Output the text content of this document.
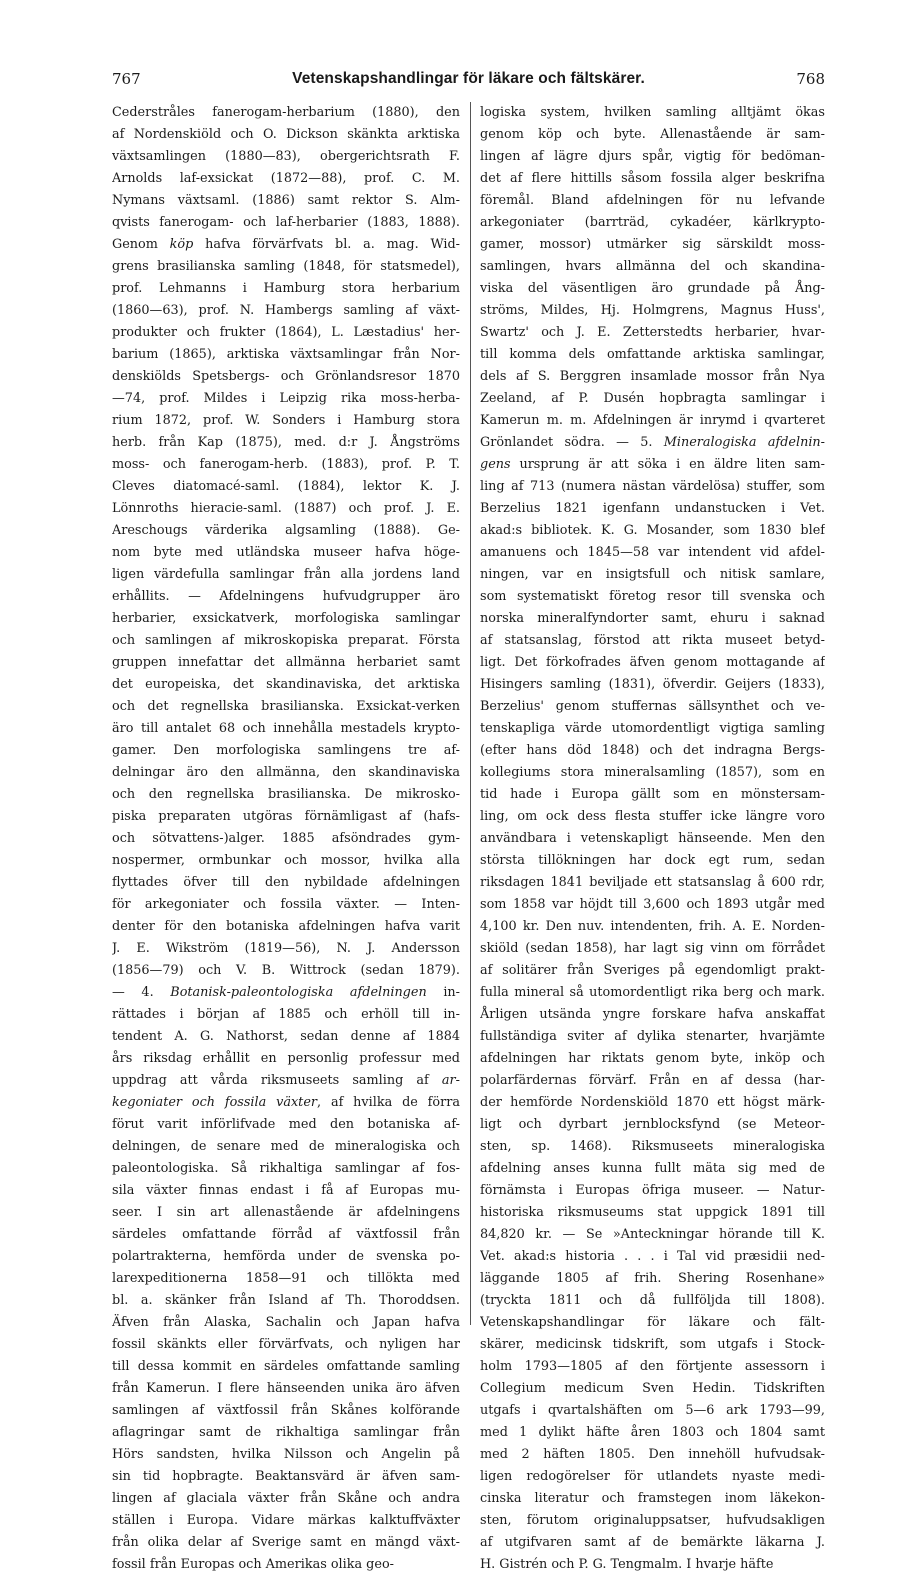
767	Vetenskapshandlingar för läkare och fältskärer.	768
Cederstråles fanerogam-herbarium (1880), den
af Nordenskiöld och O. Dickson skänkta arktiska
växtsamlingen (1880—83), obergerichtsrath F.
Arnolds laf-exsickat (1872—88), prof. C. M.
Nymans växtsaml. (1886) samt rektor S. Alm-
qvists fanerogam- och laf-herbarier (1883, 1888).
Genom köp hafva förvärfvats bl. a. mag. Wid-
grens brasilianska samling (1848, för statsmedel),
prof. Lehmanns i Hamburg stora herbarium
(1860—63), prof. N. Hambergs samling af växt-
produkter och frukter (1864), L. Læstadius' her-
barium (1865), arktiska växtsamlingar från Nor-
denskiölds Spetsbergs- och Grönlandsresor 1870
—74, prof. Mildes i Leipzig rika moss-herba-
rium 1872, prof. W. Sonders i Hamburg stora
herb. från Kap (1875), med. d:r J. Ångströms
moss- och fanerogam-herb. (1883), prof. P. T.
Cleves diatomacé-saml. (1884), lektor K. J.
Lönnroths hieracie-saml. (1887) och prof. J. E.
Areschougs värderika algsamling (1888). Ge-
nom byte med utländska museer hafva höge-
ligen värdefulla samlingar från alla jordens land
erhållits. — Afdelningens hufvudgrupper äro
herbarier, exsickatverk, morfologiska samlingar
och samlingen af mikroskopiska preparat. Första
gruppen innefattar det allmänna herbariet samt
det europeiska, det skandinaviska, det arktiska
och det regnellska brasilianska. Exsickat-verken
äro till antalet 68 och innehålla mestadels krypto-
gamer. Den morfologiska samlingens tre af-
delningar äro den allmänna, den skandinaviska
och den regnellska brasilianska. De mikrosko-
piska preparaten utgöras förnämligast af (hafs-
och sötvattens-)alger. 1885 afsöndrades gym-
nospermer, ormbunkar och mossor, hvilka alla
flyttades öfver till den nybildade afdelningen
för arkegoniater och fossila växter. — Inten-
denter för den botaniska afdelningen hafva varit
J. E. Wikström (1819—56), N. J. Andersson
(1856—79) och V. B. Wittrock (sedan 1879).
— 4. Botanisk-paleontologiska afdelningen in-
rättades i början af 1885 och erhöll till in-
tendent A. G. Nathorst, sedan denne af 1884
års riksdag erhållit en personlig professur med
uppdrag att vårda riksmuseets samling af ar-
kegoniater och fossila växter, af hvilka de förra
förut varit införlifvade med den botaniska af-
delningen, de senare med de mineralogiska och
paleontologiska. Så rikhaltiga samlingar af fos-
sila växter finnas endast i få af Europas mu-
seer. I sin art allenastående är afdelningens
särdeles omfattande förråd af växtfossil från
polartrakterna, hemförda under de svenska po-
larexpeditionerna 1858—91 och tillökta med
bl. a. skänker från Island af Th. Thoroddsen.
Äfven från Alaska, Sachalin och Japan hafva
fossil skänkts eller förvärfvats, och nyligen har
till dessa kommit en särdeles omfattande samling
från Kamerun. I flere hänseenden unika äro äfven
samlingen af växtfossil från Skånes kolförande
aflagringar samt de rikhaltiga samlingar från
Hörs sandsten, hvilka Nilsson och Angelin på
sin tid hopbragte. Beaktansvärd är äfven sam-
lingen af glaciala växter från Skåne och andra
ställen i Europa. Vidare märkas kalktuffväxter
från olika delar af Sverige samt en mängd växt-
fossil från Europas och Amerikas olika geo-
logiska system, hvilken samling alltjämt ökas
genom köp och byte. Allenastående är sam-
lingen af lägre djurs spår, vigtig för bedöman-
det af flere hittills såsom fossila alger beskrifna
föremål. Bland afdelningen för nu lefvande
arkegoniater (barrträd, cykadéer, kärlkrypto-
gamer, mossor) utmärker sig särskildt moss-
samlingen, hvars allmänna del och skandina-
viska del väsentligen äro grundade på Ång-
ströms, Mildes, Hj. Holmgrens, Magnus Huss',
Swartz' och J. E. Zetterstedts herbarier, hvar-
till komma dels omfattande arktiska samlingar,
dels af S. Berggren insamlade mossor från Nya
Zeeland, af P. Dusén hopbragta samlingar i
Kamerun m. m. Afdelningen är inrymd i qvarteret
Grönlandet södra. — 5. Mineralogiska afdelnin-
gens ursprung är att söka i en äldre liten sam-
ling af 713 (numera nästan värdelösa) stuffer, som
Berzelius 1821 igenfann undanstucken i Vet.
akad:s bibliotek. K. G. Mosander, som 1830 blef
amanuens och 1845—58 var intendent vid afdel-
ningen, var en insigtsfull och nitisk samlare,
som systematiskt företog resor till svenska och
norska mineralfyndorter samt, ehuru i saknad
af statsanslag, förstod att rikta museet betyd-
ligt. Det förkofrades äfven genom mottagande af
Hisingers samling (1831), öfverdir. Geijers (1833),
Berzelius' genom stuffernas sällsynthet och ve-
tenskapliga värde utomordentligt vigtiga samling
(efter hans död 1848) och det indragna Bergs-
kollegiums stora mineralsamling (1857), som en
tid hade i Europa gällt som en mönstersam-
ling, om ock dess flesta stuffer icke längre voro
användbara i vetenskapligt hänseende. Men den
största tillökningen har dock egt rum, sedan
riksdagen 1841 beviljade ett statsanslag å 600 rdr,
som 1858 var höjdt till 3,600 och 1893 utgår med
4,100 kr. Den nuv. intendenten, frih. A. E. Norden-
skiöld (sedan 1858), har lagt sig vinn om förrådet
af solitärer från Sveriges på egendomligt prakt-
fulla mineral så utomordentligt rika berg och mark.
Årligen utsända yngre forskare hafva anskaffat
fullständiga sviter af dylika stenarter, hvarjämte
afdelningen har riktats genom byte, inköp och
polarfärdernas förvärf. Från en af dessa (har-
der hemförde Nordenskiöld 1870 ett högst märk-
ligt och dyrbart jernblocksfynd (se Meteor-
sten, sp. 1468). Riksmuseets mineralogiska
afdelning anses kunna fullt mäta sig med de
förnämsta i Europas öfriga museer. — Natur-
historiska riksmuseums stat uppgick 1891 till
84,820 kr. — Se »Anteckningar hörande till K.
Vet. akad:s historia . . . i Tal vid præsidii ned-
läggande 1805 af frih. Shering Rosenhane»
(tryckta 1811 och då fullföljda till 1808).
Vetenskapshandlingar för läkare och fält-
skärer, medicinsk tidskrift, som utgafs i Stock-
holm 1793—1805 af den förtjente assessorn i
Collegium medicum Sven Hedin. Tidskriften
utgafs i qvartalshäften om 5—6 ark 1793—99,
med 1 dylikt häfte åren 1803 och 1804 samt
med 2 häften 1805. Den innehöll hufvudsak-
ligen redogörelser för utlandets nyaste medi-
cinska literatur och framstegen inom läkekon-
sten, förutom originaluppsatser, hufvudsakligen
af utgifvaren samt af de bemärkte läkarna J.
H. Gistrén och P. G. Tengmalm. I hvarje häfte
